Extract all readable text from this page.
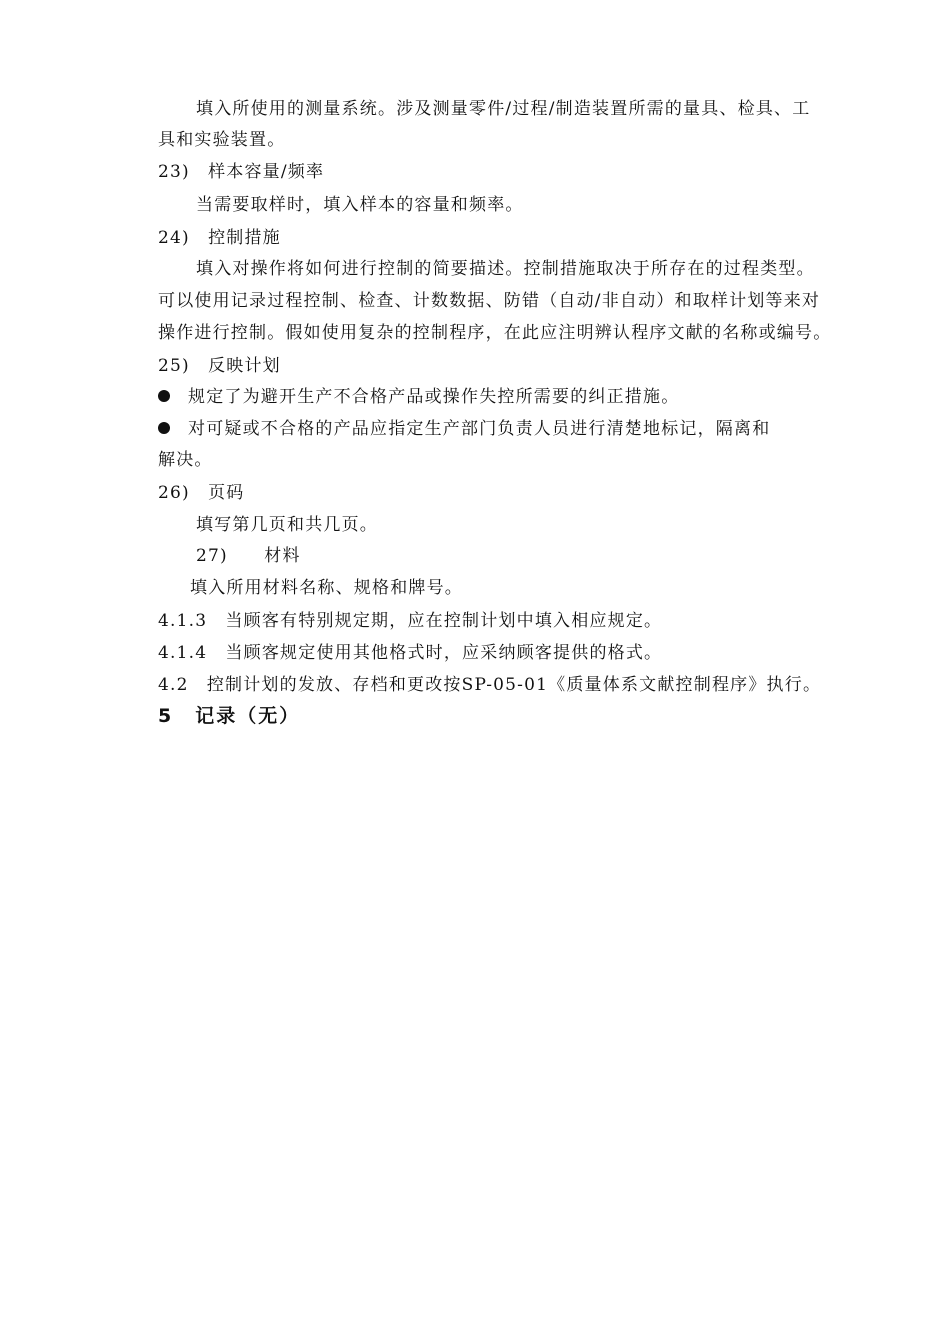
填入所使用的测量系统。涉及测量零件/过程/制造装置所需的量具、检具、工
具和实验装置。
23)　样本容量/频率
当需要取样时，填入样本的容量和频率。
24)　控制措施
填入对操作将如何进行控制的简要描述。控制措施取决于所存在的过程类型。
可以使用记录过程控制、检查、计数数据、防错（自动/非自动）和取样计划等来对
操作进行控制。假如使用复杂的控制程序，在此应注明辨认程序文献的名称或编号。
25)　反映计划
规定了为避开生产不合格产品或操作失控所需要的纠正措施。
对可疑或不合格的产品应指定生产部门负责人员进行清楚地标记，隔离和
解决。
26)　页码
填写第几页和共几页。
27)　　材料
填入所用材料名称、规格和牌号。
4.1.3　当顾客有特别规定期，应在控制计划中填入相应规定。
4.1.4　当顾客规定使用其他格式时，应采纳顾客提供的格式。
4.2　控制计划的发放、存档和更改按SP-05-01《质量体系文献控制程序》执行。
5 记录（无）
